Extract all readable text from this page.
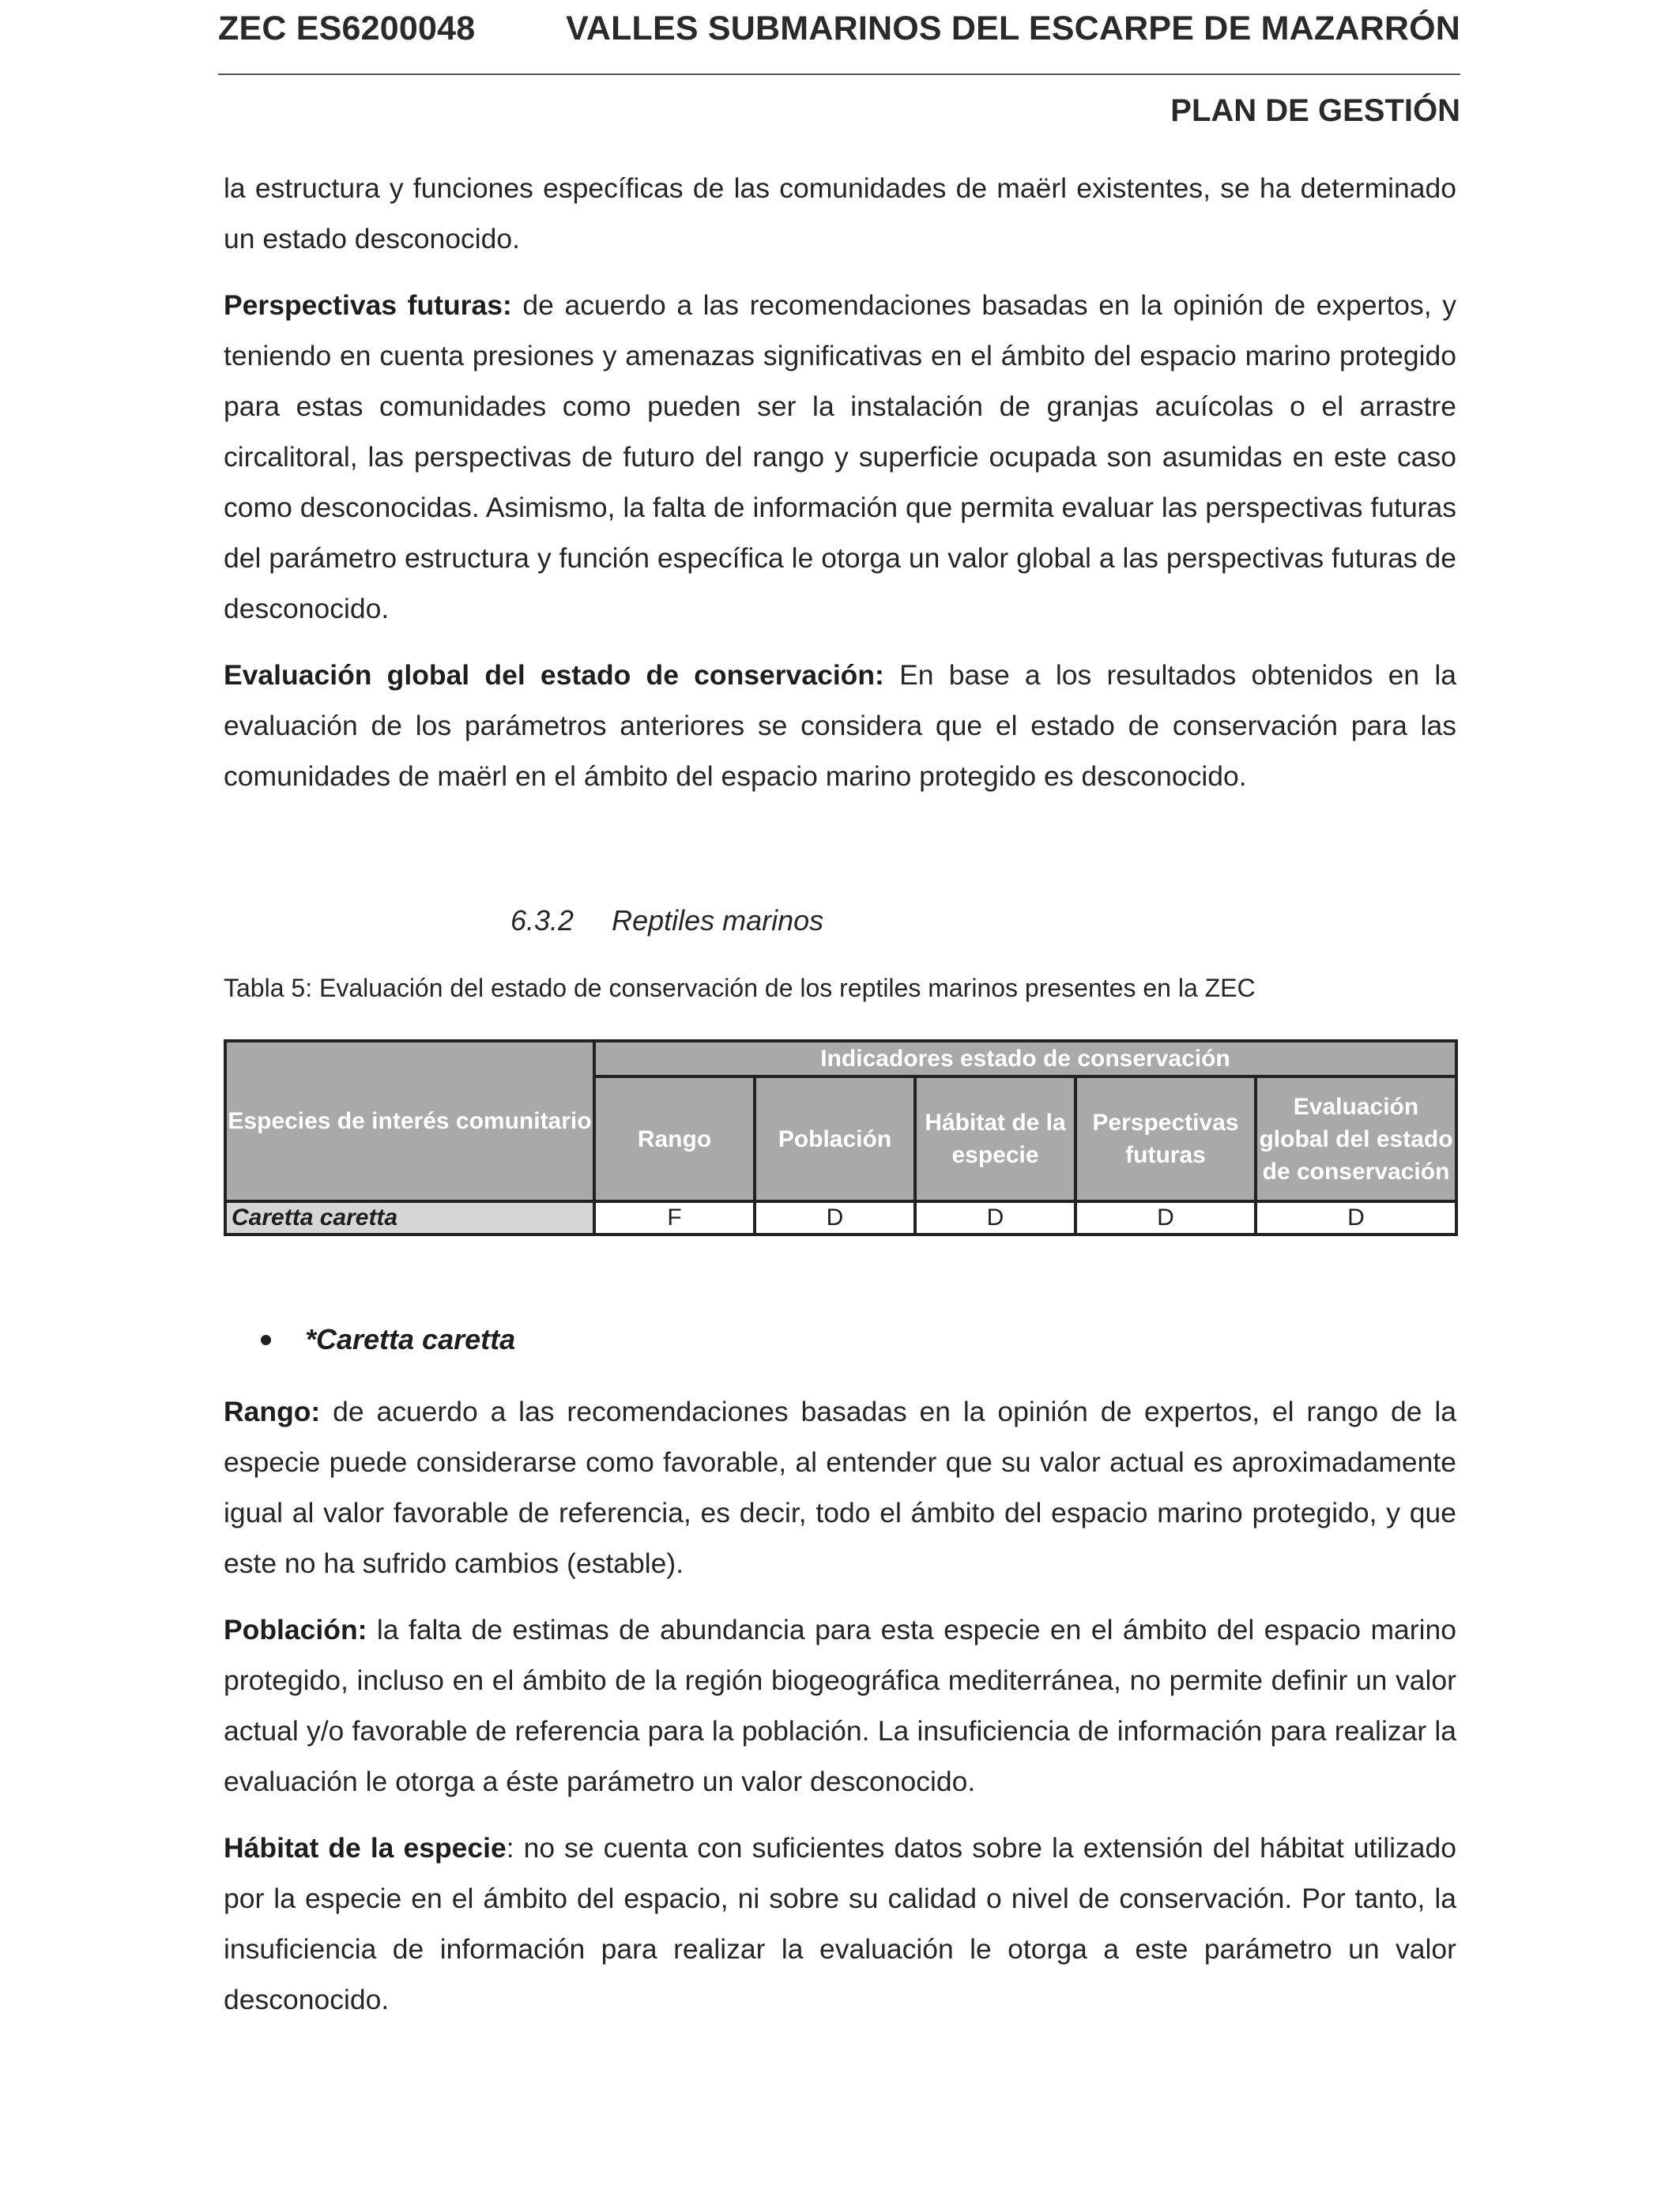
ZEC ES6200048	VALLES SUBMARINOS DEL ESCARPE DE MAZARRÓN
PLAN DE GESTIÓN

la estructura y funciones específicas de las comunidades de maërl existentes, se ha determinado un estado desconocido.

Perspectivas futuras: de acuerdo a las recomendaciones basadas en la opinión de expertos, y teniendo en cuenta presiones y amenazas significativas en el ámbito del espacio marino protegido para estas comunidades como pueden ser la instalación de granjas acuícolas o el arrastre circalitoral, las perspectivas de futuro del rango y superficie ocupada son asumidas en este caso como desconocidas. Asimismo, la falta de información que permita evaluar las perspectivas futuras del parámetro estructura y función específica le otorga un valor global a las perspectivas futuras de desconocido.

Evaluación global del estado de conservación: En base a los resultados obtenidos en la evaluación de los parámetros anteriores se considera que el estado de conservación para las comunidades de maërl en el ámbito del espacio marino protegido es desconocido.

6.3.2 Reptiles marinos
Tabla 5: Evaluación del estado de conservación de los reptiles marinos presentes en la ZEC
Especies de interés comunitario	Indicadores estado de conservación				
	Rango	Población	Hábitat de la especie	Perspectivas futuras	Evaluación global del estado de conservación
Caretta caretta	F	D	D	D	D
*Caretta caretta

Rango: de acuerdo a las recomendaciones basadas en la opinión de expertos, el rango de la especie puede considerarse como favorable, al entender que su valor actual es aproximadamente igual al valor favorable de referencia, es decir, todo el ámbito del espacio marino protegido, y que este no ha sufrido cambios (estable).

Población: la falta de estimas de abundancia para esta especie en el ámbito del espacio marino protegido, incluso en el ámbito de la región biogeográfica mediterránea, no permite definir un valor actual y/o favorable de referencia para la población. La insuficiencia de información para realizar la evaluación le otorga a éste parámetro un valor desconocido.

Hábitat de la especie: no se cuenta con suficientes datos sobre la extensión del hábitat utilizado por la especie en el ámbito del espacio, ni sobre su calidad o nivel de conservación. Por tanto, la insuficiencia de información para realizar la evaluación le otorga a este parámetro un valor desconocido.
